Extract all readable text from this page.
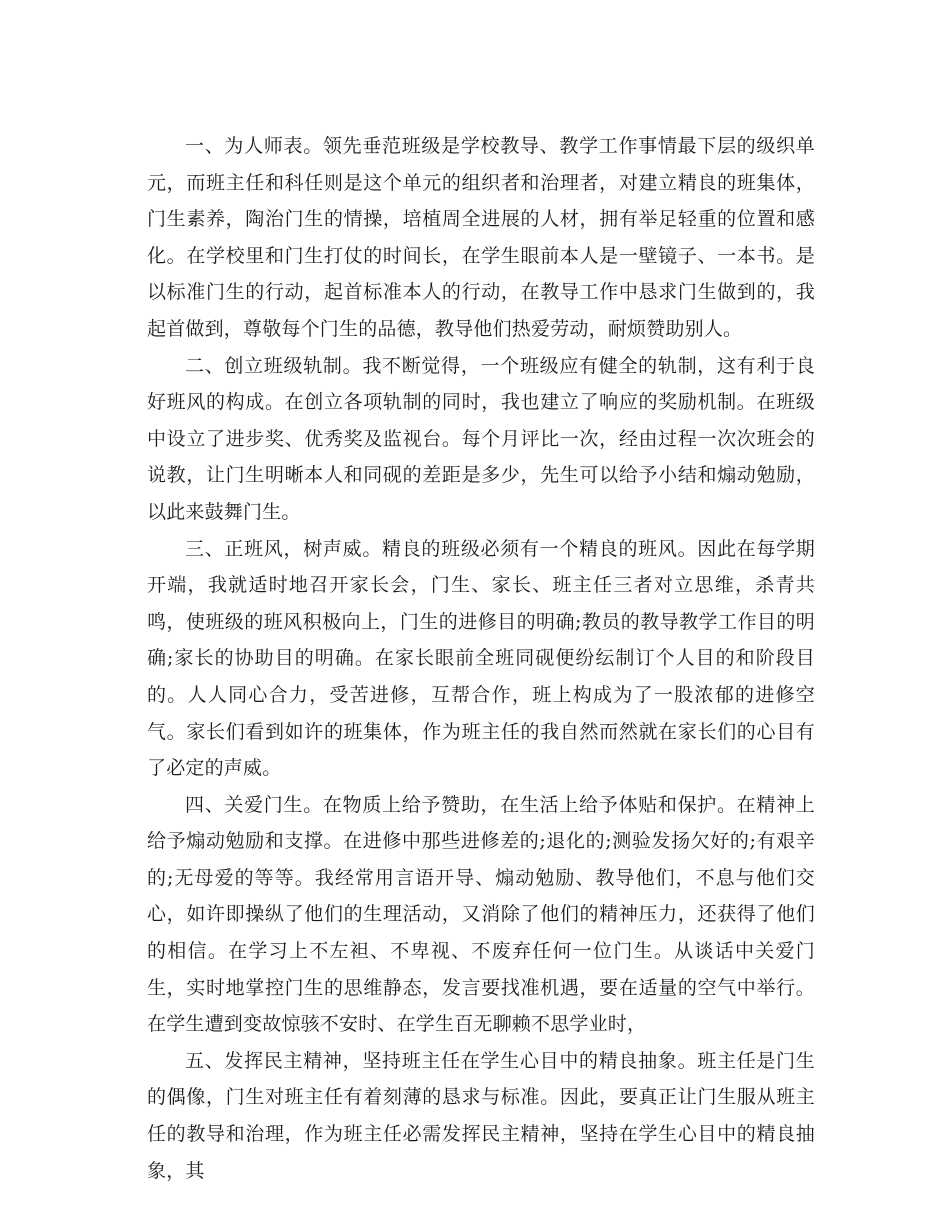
一、为人师表。领先垂范班级是学校教导、教学工作事情最下层的级织单元，而班主任和科任则是这个单元的组织者和治理者，对建立精良的班集体，门生素养，陶治门生的情操，培植周全进展的人材，拥有举足轻重的位置和感化。在学校里和门生打仗的时间长，在学生眼前本人是一壁镜子、一本书。是以标准门生的行动，起首标准本人的行动，在教导工作中恳求门生做到的，我起首做到，尊敬每个门生的品德，教导他们热爱劳动，耐烦赞助别人。

二、创立班级轨制。我不断觉得，一个班级应有健全的轨制，这有利于良好班风的构成。在创立各项轨制的同时，我也建立了响应的奖励机制。在班级中设立了进步奖、优秀奖及监视台。每个月评比一次，经由过程一次次班会的说教，让门生明晰本人和同砚的差距是多少，先生可以给予小结和煽动勉励，以此来鼓舞门生。

三、正班风，树声威。精良的班级必须有一个精良的班风。因此在每学期开端，我就适时地召开家长会，门生、家长、班主任三者对立思维，杀青共鸣，使班级的班风积极向上，门生的进修目的明确;教员的教导教学工作目的明确;家长的协助目的明确。在家长眼前全班同砚便纷纭制订个人目的和阶段目的。人人同心合力，受苦进修，互帮合作，班上构成为了一股浓郁的进修空气。家长们看到如许的班集体，作为班主任的我自然而然就在家长们的心目有了必定的声威。

四、关爱门生。在物质上给予赞助，在生活上给予体贴和保护。在精神上给予煽动勉励和支撑。在进修中那些进修差的;退化的;测验发扬欠好的;有艰辛的;无母爱的等等。我经常用言语开导、煽动勉励、教导他们，不息与他们交心，如许即操纵了他们的生理活动，又消除了他们的精神压力，还获得了他们的相信。在学习上不左袒、不卑视、不废弃任何一位门生。从谈话中关爱门生，实时地掌控门生的思维静态，发言要找准机遇，要在适量的空气中举行。在学生遭到变故惊骇不安时、在学生百无聊赖不思学业时，

五、发挥民主精神，坚持班主任在学生心目中的精良抽象。班主任是门生的偶像，门生对班主任有着刻薄的恳求与标准。因此，要真正让门生服从班主任的教导和治理，作为班主任必需发挥民主精神，坚持在学生心目中的精良抽象，其
